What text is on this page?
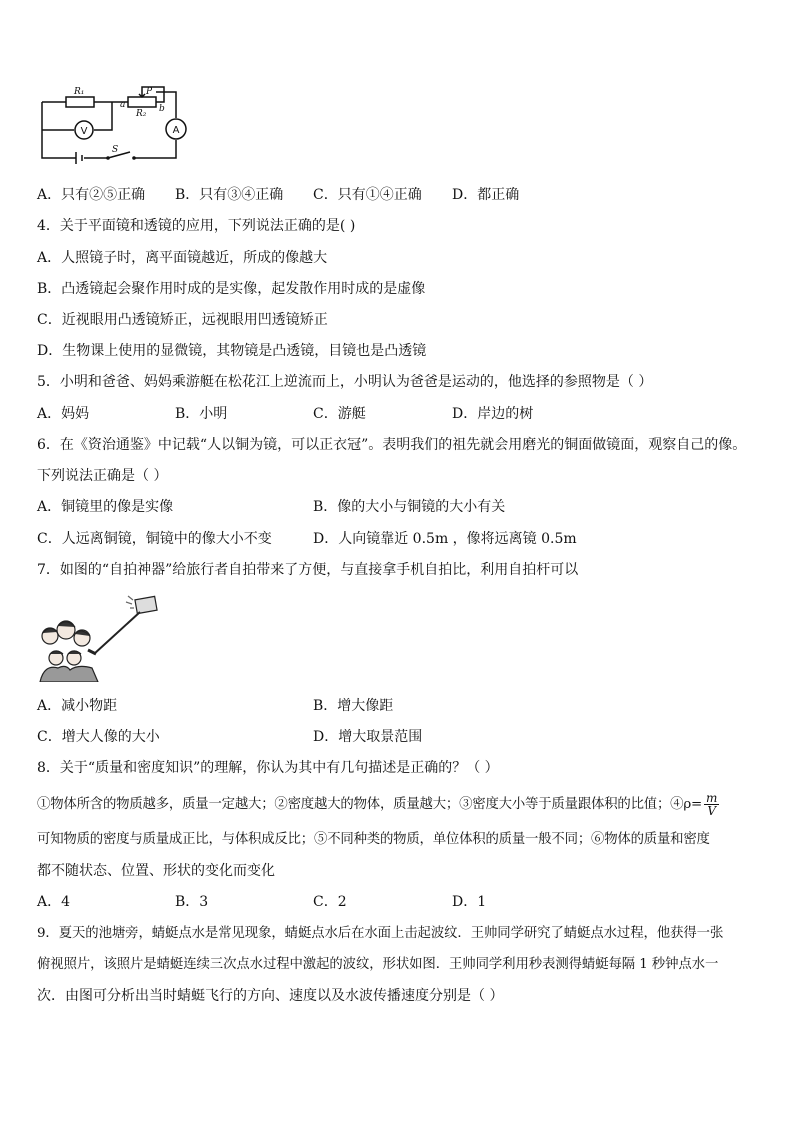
R₁
R₂
P
a	b
S
V	A
A．只有②⑤正确 B．只有③④正确 C．只有①④正确 D．都正确
4．关于平面镜和透镜的应用，下列说法正确的是( )
A．人照镜子时，离平面镜越近，所成的像越大
B．凸透镜起会聚作用时成的是实像，起发散作用时成的是虚像
C．近视眼用凸透镜矫正，远视眼用凹透镜矫正
D．生物课上使用的显微镜，其物镜是凸透镜，目镜也是凸透镜
5．小明和爸爸、妈妈乘游艇在松花江上逆流而上，小明认为爸爸是运动的，他选择的参照物是（ ）
A．妈妈	B．小明	C．游艇	D．岸边的树
6．在《资治通鉴》中记载“人以铜为镜，可以正衣冠”。表明我们的祖先就会用磨光的铜面做镜面，观察自己的像。
下列说法正确是（ ）
A．铜镜里的像是实像	B．像的大小与铜镜的大小有关
C．人远离铜镜，铜镜中的像大小不变	D．人向镜靠近 0.5m ，像将远离镜 0.5m
7．如图的“自拍神器”给旅行者自拍带来了方便，与直接拿手机自拍比，利用自拍杆可以
A．减小物距	B．增大像距
C．增大人像的大小	D．增大取景范围
8．关于“质量和密度知识”的理解，你认为其中有几句描述是正确的？（ ）
①物体所含的物质越多，质量一定越大；②密度越大的物体，质量越大；③密度大小等于质量跟体积的比值；④ρ= $\frac{m}{V}$
可知物质的密度与质量成正比，与体积成反比；⑤不同种类的物质，单位体积的质量一般不同；⑥物体的质量和密度
都不随状态、位置、形状的变化而变化
A．4	B．3	C．2	D．1
9．夏天的池塘旁，蜻蜓点水是常见现象，蜻蜓点水后在水面上击起波纹．王帅同学研究了蜻蜓点水过程，他获得一张
俯视照片，该照片是蜻蜓连续三次点水过程中激起的波纹，形状如图．王帅同学利用秒表测得蜻蜓每隔 1 秒钟点水一
次．由图可分析出当时蜻蜓飞行的方向、速度以及水波传播速度分别是（ ）
